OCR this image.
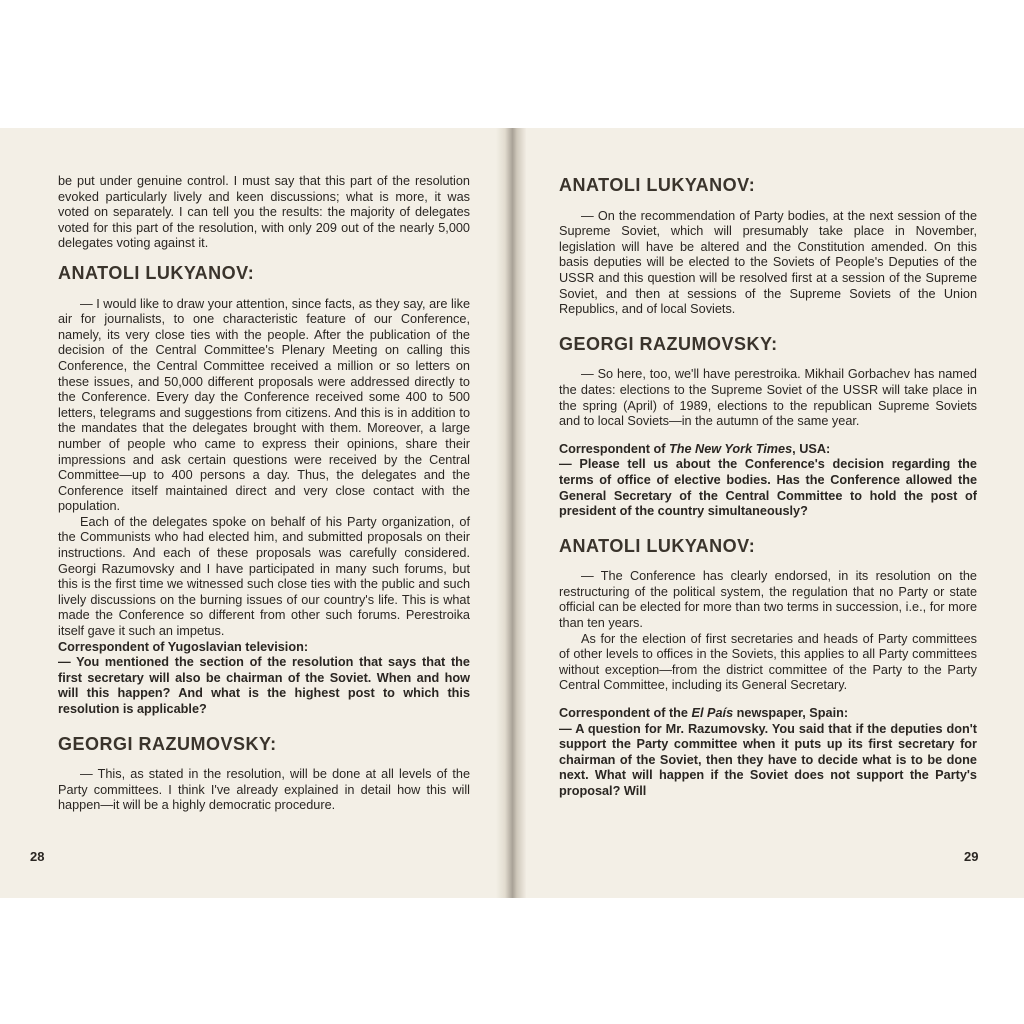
be put under genuine control. I must say that this part of the resolution evoked particularly lively and keen discussions; what is more, it was voted on separately. I can tell you the results: the majority of delegates voted for this part of the resolution, with only 209 out of the nearly 5,000 delegates voting against it.

ANATOLI LUKYANOV:

— I would like to draw your attention, since facts, as they say, are like air for journalists, to one characteristic feature of our Conference, namely, its very close ties with the people. After the publication of the decision of the Central Committee's Plenary Meeting on calling this Conference, the Central Committee received a million or so letters on these issues, and 50,000 different proposals were addressed directly to the Conference. Every day the Conference received some 400 to 500 letters, telegrams and suggestions from citizens. And this is in addition to the mandates that the delegates brought with them. Moreover, a large number of people who came to express their opinions, share their impressions and ask certain questions were received by the Central Committee—up to 400 persons a day. Thus, the delegates and the Conference itself maintained direct and very close contact with the population.

Each of the delegates spoke on behalf of his Party organization, of the Communists who had elected him, and submitted proposals on their instructions. And each of these proposals was carefully considered. Georgi Razumovsky and I have participated in many such forums, but this is the first time we witnessed such close ties with the public and such lively discussions on the burning issues of our country's life. This is what made the Conference so different from other such forums. Perestroika itself gave it such an impetus.

Correspondent of Yugoslavian television:

— You mentioned the section of the resolution that says that the first secretary will also be chairman of the Soviet. When and how will this happen? And what is the highest post to which this resolution is applicable?

GEORGI RAZUMOVSKY:

— This, as stated in the resolution, will be done at all levels of the Party committees. I think I've already explained in detail how this will happen—it will be a highly democratic procedure.

28
ANATOLI LUKYANOV:

— On the recommendation of Party bodies, at the next session of the Supreme Soviet, which will presumably take place in November, legislation will have be altered and the Constitution amended. On this basis deputies will be elected to the Soviets of People's Deputies of the USSR and this question will be resolved first at a session of the Supreme Soviet, and then at sessions of the Supreme Soviets of the Union Republics, and of local Soviets.

GEORGI RAZUMOVSKY:

— So here, too, we'll have perestroika. Mikhail Gorbachev has named the dates: elections to the Supreme Soviet of the USSR will take place in the spring (April) of 1989, elections to the republican Supreme Soviets and to local Soviets—in the autumn of the same year.

Correspondent of The New York Times, USA:

— Please tell us about the Conference's decision regarding the terms of office of elective bodies. Has the Conference allowed the General Secretary of the Central Committee to hold the post of president of the country simultaneously?

ANATOLI LUKYANOV:

— The Conference has clearly endorsed, in its resolution on the restructuring of the political system, the regulation that no Party or state official can be elected for more than two terms in succession, i.e., for more than ten years.

As for the election of first secretaries and heads of Party committees of other levels to offices in the Soviets, this applies to all Party committees without exception—from the district committee of the Party to the Party Central Committee, including its General Secretary.

Correspondent of the El País newspaper, Spain:

— A question for Mr. Razumovsky. You said that if the deputies don't support the Party committee when it puts up its first secretary for chairman of the Soviet, then they have to decide what is to be done next. What will happen if the Soviet does not support the Party's proposal? Will

29
